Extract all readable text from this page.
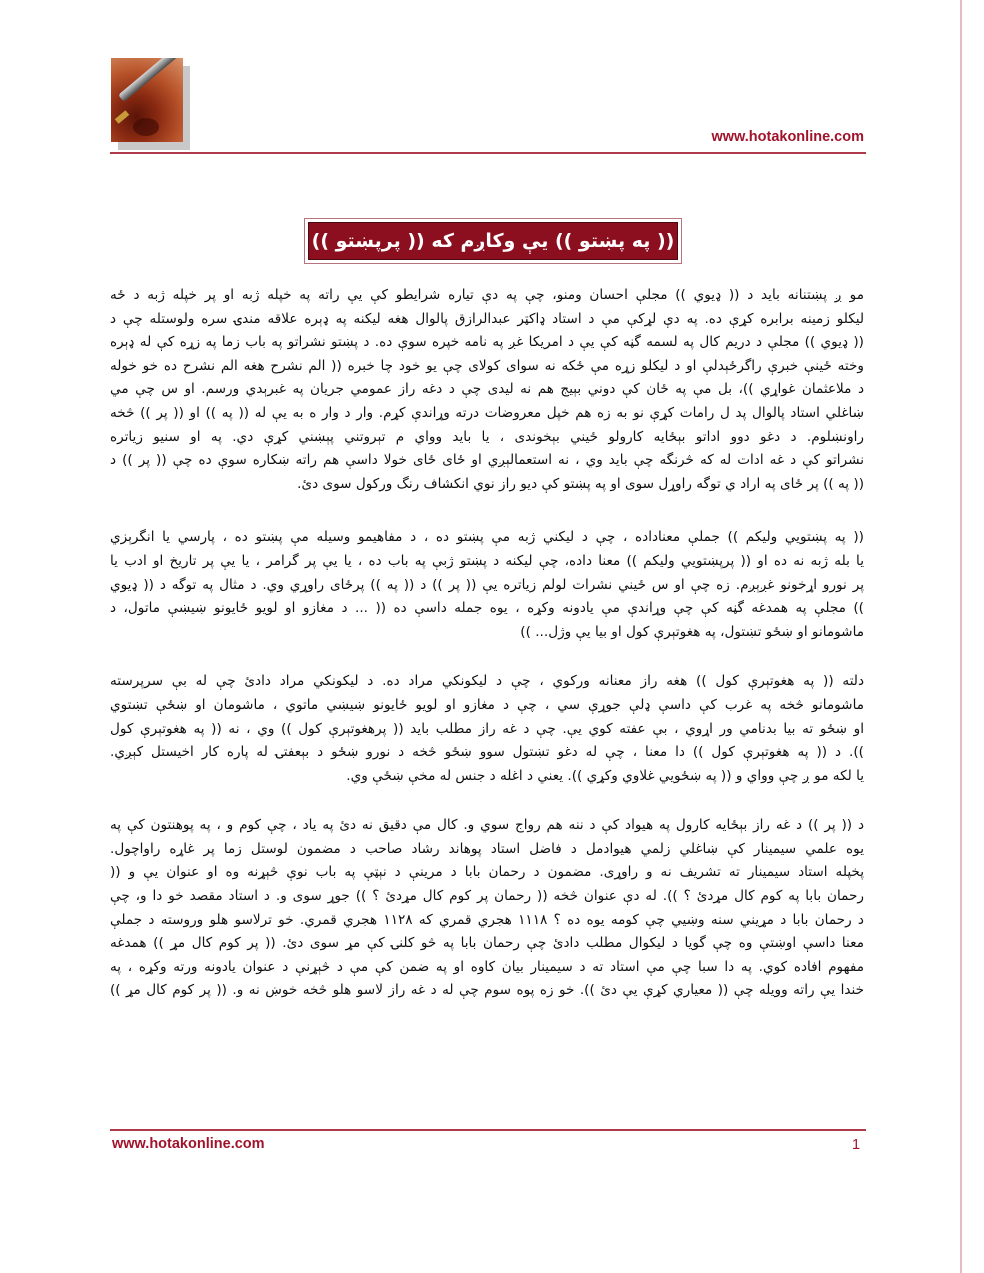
www.hotakonline.com
(( په پښتو )) يې وکاږم که (( پرپښتو ))
مو ږ پښتنانه باید د (( ډيوي )) مجلې احسان ومنو، چې په دې تياره شرايطو کې يې راته په خپله ژبه او پر خپله ژبه د ځه
ليکلو زمينه برابره کړې ده. په دې لړکې مې د استاد ډاکټر عبدالرازق پالوال هغه ليکنه په ډېره علاقه مندۍ سره ولوستله چې د
(( ډيوي )) مجلې د دريم کال په لسمه گڼه کې يې د امريکا غږ په نامه خپره سوې ده. د پښتو نشراتو په باب زما په زړه کې له ډېره
وخته ځينې خبرې راگرځېدلې او د ليکلو زړه مې ځکه نه سوای کولای چې يو خود چا خبره (( الم نشرح هغه الم نشرح ده خو خوله
د ملاعثمان غواړي ))، بل مې په ځان کې دوني بېيج هم نه ليدی چې د دغه راز عمومي جريان په غبرېدي ورسم. او س چې مي
ښاغلي استاد پالوال پد ل رامات کړې نو به زه هم خپل معروضات درته وړاندې کړم. وار د وار ه به يې له (( په )) او (( پر )) څخه
راونښلوم. د دغو دوو اداتو بېځايه کارولو ځيني بېخوندی ، يا بايد وواي م تېروتني پېښني کړې دي. په او سنيو زياتره
نشراتو کې د غه ادات له که څرنگه چې بايد وي ، نه استعمالېږي او ځای ځای خولا داسې هم راته ښکاره سوې ده چې (( پر )) د
(( په )) پر ځای په اراد ي توگه راوړل سوی او په پښتو کې ديو راز نوي انکشاف رنگ ورکول سوی دئ.
(( په پښتويي وليکم )) جملې معناداده ، چې د ليکني ژبه مې پښتو ده ، د مفاهيمو وسيله مې پښتو ده ، پارسي يا انگرېزي
يا بله ژبه نه ده او (( پرپښتويي وليکم )) معنا داده، چې ليکنه د پښتو ژبې په باب ده ، يا يې پر گرامر ، يا يې پر تاريخ او ادب يا
پر نورو اړخونو غږېږم. زه چې او س ځيني نشرات لولم زياتره يې (( پر )) د (( په )) پرځای راوړي وي. د مثال په توگه د (( ډيوي
)) مجلې په همدغه گڼه کې چې وړاندې مې يادونه وکړه ، يوه جمله داسې ده (( ... د مغازو او لويو ځايونو ښيښې ماتول، د
ماشومانو او ښځو تښتول، په هغوتېرې کول او بيا يې وژل... ))
دلته (( په هغوتېرې کول )) هغه راز معنانه ورکوي ، چې د ليکونکي مراد ده. د ليکونکي مراد دادئ چې له بې سرپرسته
ماشومانو څخه په غرب کې داسې ډلې جوړې سي ، چې د مغازو او لويو ځايونو ښيښي ماتوي ، ماشومان او ښځې تښتوي
او ښځو ته بيا بدنامي ور اړوي ، بې عفته کوي يې. چې د غه راز مطلب بايد (( پرهغوتېرې کول )) وي ، نه (( په هغوتېرې کول
)). د (( په هغوتېرې کول )) دا معنا ، چې له دغو تښتول سوو ښځو څخه د نورو ښځو د بېعفتۍ له پاره کار اخيستل کېږي.
يا لکه مو ږ چې وواي و (( په ښځويي غلاوي وکړي )). يعني د اغله د جنس له مخې ښځې وي.
د (( پر )) د غه راز بېځايه کارول په هيواد کې د ننه هم رواج سوي و. کال مې دقيق نه دئ په ياد ، چې کوم و ، په پوهنتون کې په
يوه علمي سيمينار کې ښاغلي زلمي هيوادمل د فاضل استاد پوهاند رشاد صاحب د مضمون لوستل زما پر غاړه راواچول.
پخپله استاد سيمينار ته تشريف نه و راوړی. مضمون د رحمان بابا د مرينې د نېټې په باب نوې څېړنه وه او عنوان يې و ((
رحمان بابا په کوم کال مړدئ ؟ )). له دې عنوان څخه (( رحمان پر کوم کال مړدئ ؟ )) جوړ سوی و. د استاد مقصد خو دا و، چې
د رحمان بابا د مړيني سنه وښيي چې کومه يوه ده ؟ ۱۱۱۸ هجري قمري که ۱۱۲۸ هجري قمري. خو ترلاسو هلو وروسته د جملې
معنا داسې اوښتې وه چې گويا د ليکوال مطلب دادئ چې رحمان بابا په څو کلنۍ کې مړ سوی دئ. (( پر کوم کال مړ )) همدغه
مفهوم افاده کوي. په دا سبا چې مې استاد ته د سيمينار بيان کاوه او په ضمن کې مې د څېړنې د عنوان يادونه ورته وکړه ، په
خندا يې راته وويله چې (( معياري کړې يې دئ )). خو زه پوه سوم چې له د غه راز لاسو هلو څخه خوښ نه و. (( پر کوم کال مړ ))
www.hotakonline.com	1
